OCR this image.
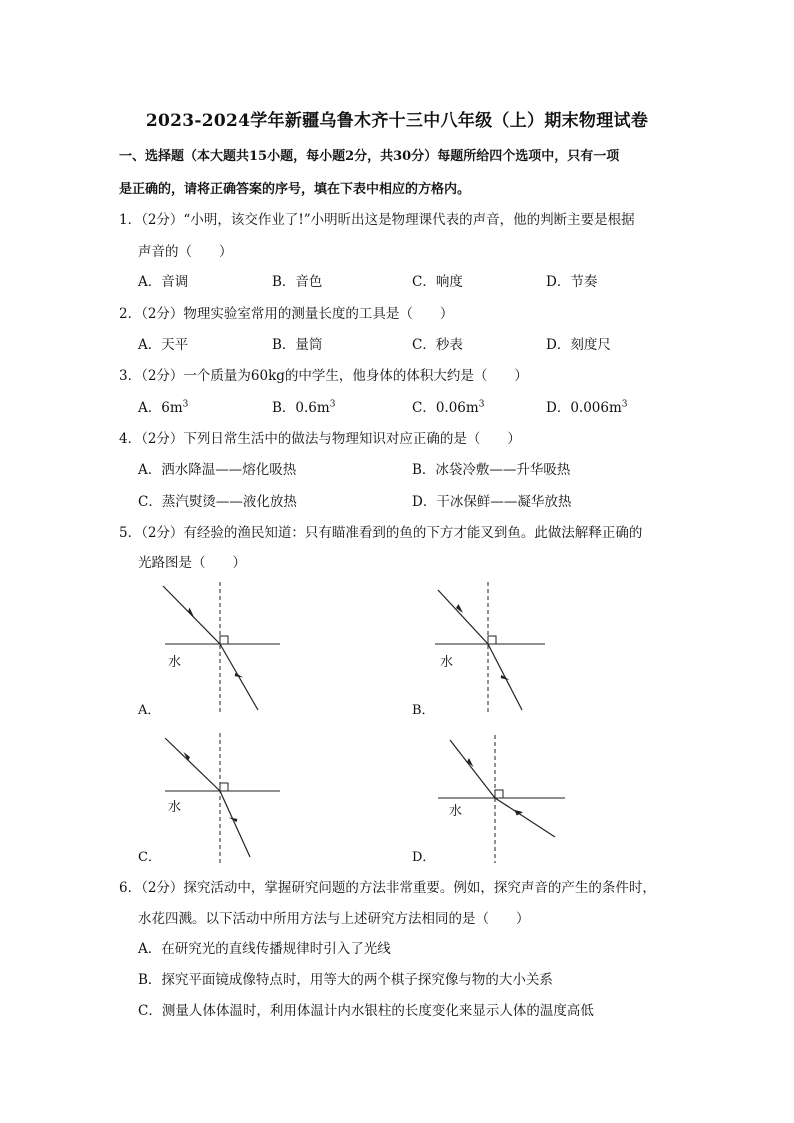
2023-2024学年新疆乌鲁木齐十三中八年级（上）期末物理试卷
一、选择题（本大题共15小题，每小题2分，共30分）每题所给四个选项中，只有一项
是正确的，请将正确答案的序号，填在下表中相应的方格内。
1．（2分）“小明，该交作业了!”小明昕出这是物理课代表的声音，他的判断主要是根据
声音的（　　）
A．音调	B．音色	C．响度	D．节奏
2．（2分）物理实验室常用的测量长度的工具是（　　）
A．天平	B．量筒	C．秒表	D．刻度尺
3．（2分）一个质量为60kg的中学生，他身体的体积大约是（　　）
A．$6m^3$	B．$0.6m^3$	C．$0.06m^3$	D．$0.006m^3$
4．（2分）下列日常生活中的做法与物理知识对应正确的是（　　）
A．洒水降温——熔化吸热	B．冰袋冷敷——升华吸热
C．蒸汽熨烫——液化放热	D．干冰保鲜——凝华放热
5．（2分）有经验的渔民知道：只有瞄准看到的鱼的下方才能叉到鱼。此做法解释正确的
光路图是（　　）
水
A．
水
B．
水
C．
水
D．
6．（2分）探究活动中，掌握研究问题的方法非常重要。例如，探究声音的产生的条件时，
水花四溅。以下活动中所用方法与上述研究方法相同的是（　　）
A．在研究光的直线传播规律时引入了光线
B．探究平面镜成像特点时，用等大的两个棋子探究像与物的大小关系
C．测量人体体温时，利用体温计内水银柱的长度变化来显示人体的温度高低
